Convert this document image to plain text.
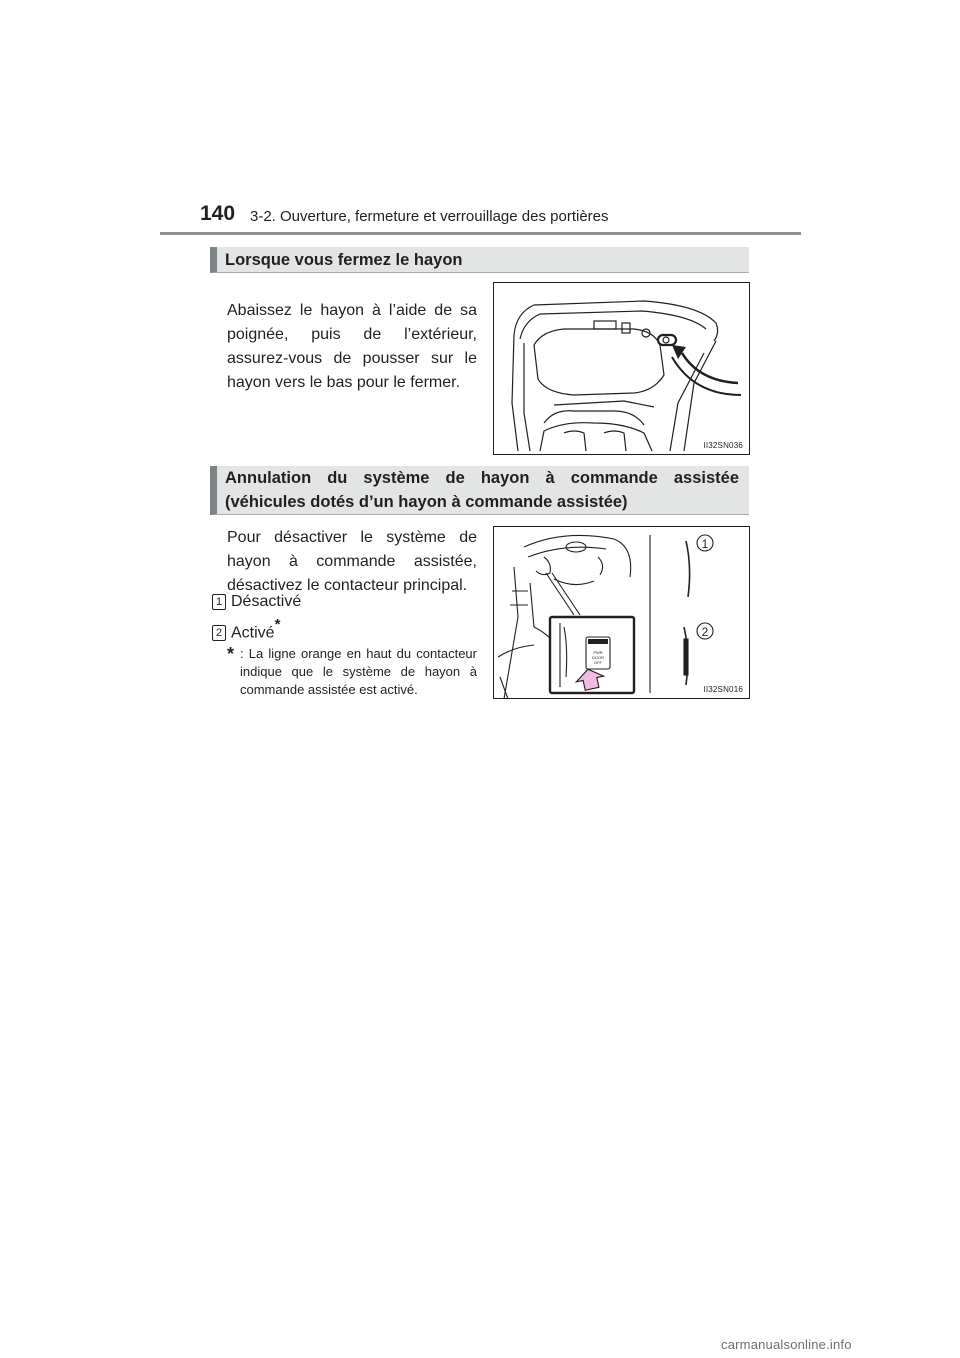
140 3-2. Ouverture, fermeture et verrouillage des portières
Lorsque vous fermez le hayon
Abaissez le hayon à l’aide de sa poignée, puis de l’extérieur, assurez-vous de pousser sur le hayon vers le bas pour le fermer.
II32SN036
Annulation du système de hayon à commande assistée (véhicules dotés d’un hayon à commande assistée)
Pour désactiver le système de hayon à commande assistée, désactivez le contacteur principal.
1 Désactivé
2 Activé*
* : La ligne orange en haut du contacteur indique que le système de hayon à commande assistée est activé.
PWR
DOOR
OFF
1
2
II32SN016
carmanualsonline.info
